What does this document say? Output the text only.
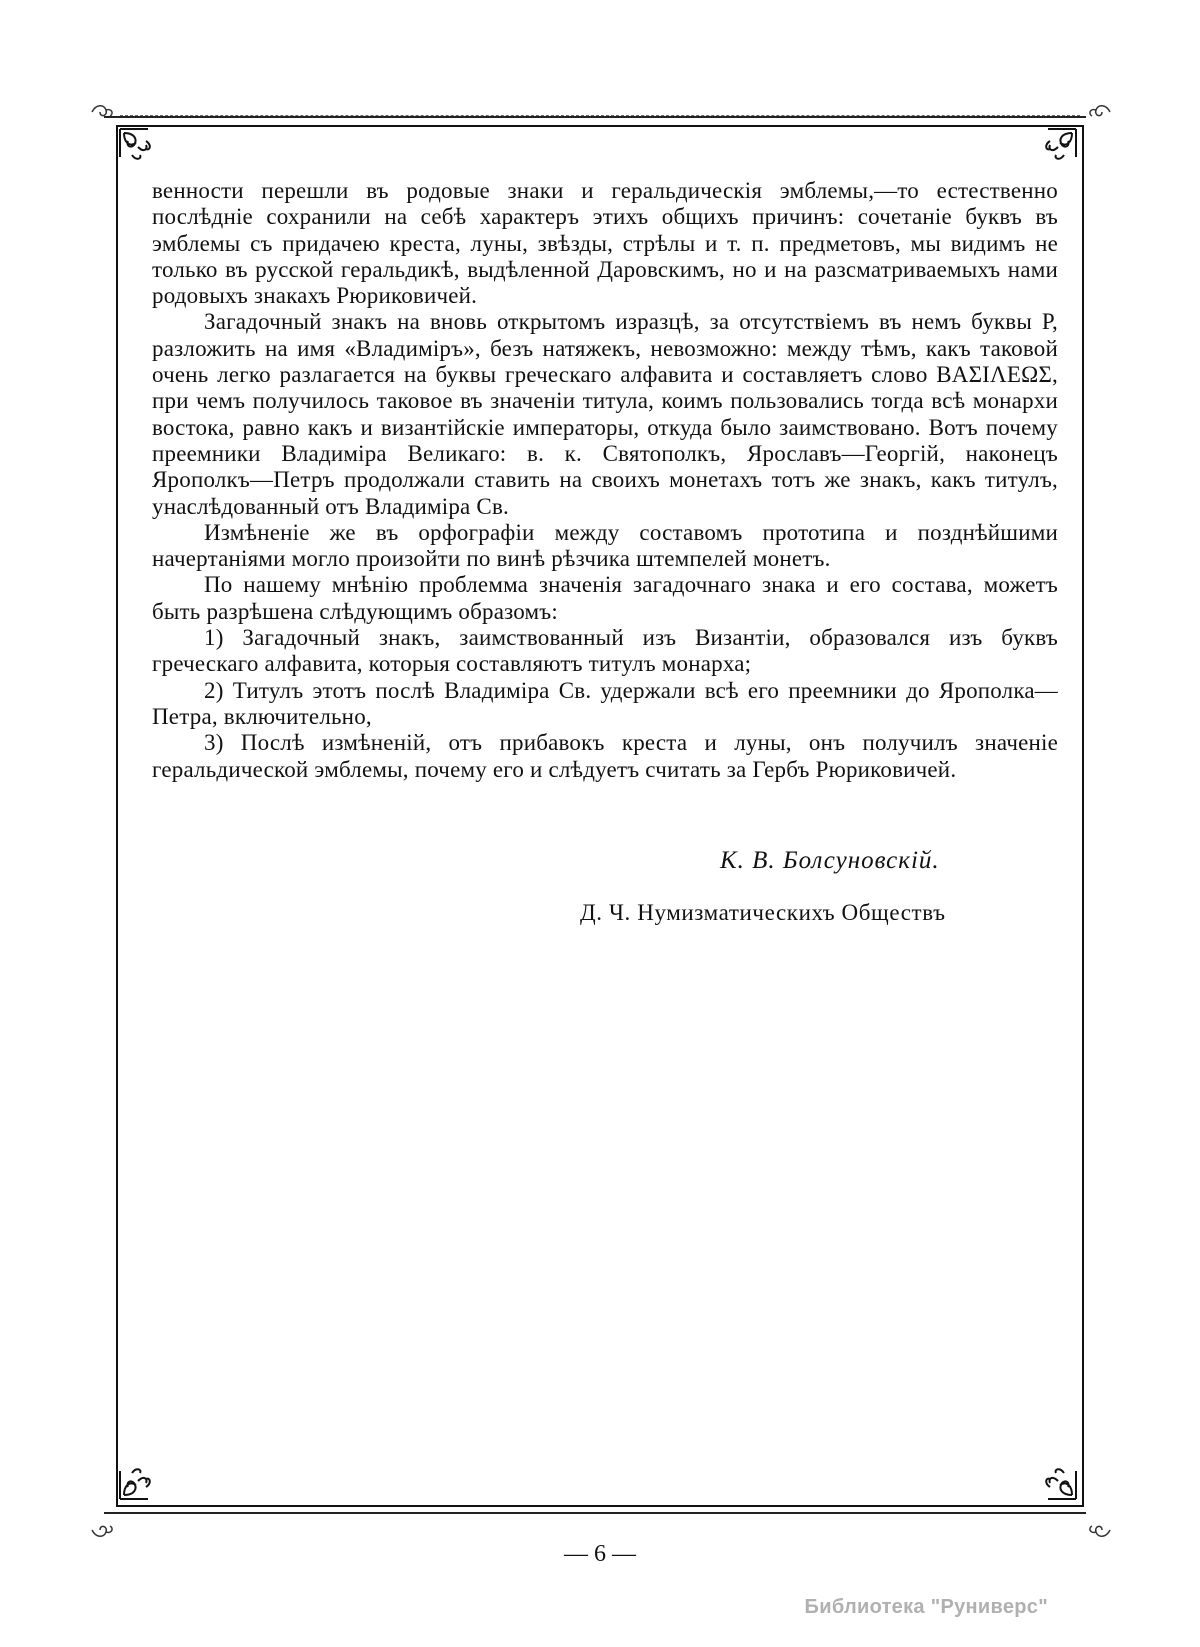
венности перешли въ родовые знаки и геральдическія эмблемы,—то естественно послѣдніе сохранили на себѣ характеръ этихъ общихъ причинъ: сочетаніе буквъ въ эмблемы съ придачею креста, луны, звѣзды, стрѣлы и т. п. предметовъ, мы видимъ не только въ русской геральдикѣ, выдѣленной Даровскимъ, но и на разсматриваемыхъ нами родовыхъ знакахъ Рюриковичей.

Загадочный знакъ на вновь открытомъ изразцѣ, за отсутствіемъ въ немъ буквы Р, разложить на имя «Владиміръ», безъ натяжекъ, невозможно: между тѣмъ, какъ таковой очень легко разлагается на буквы греческаго алфавита и составляетъ слово ΒΑΣΙΛΕΩΣ, при чемъ получилось таковое въ значеніи титула, коимъ пользовались тогда всѣ монархи востока, равно какъ и византійскіе императоры, откуда было заимствовано. Вотъ почему преемники Владиміра Великаго: в. к. Святополкъ, Ярославъ—Георгій, наконецъ Ярополкъ—Петръ продолжали ставить на своихъ монетахъ тотъ же знакъ, какъ титулъ, унаслѣдованный отъ Владиміра Св.

Измѣненіе же въ орфографіи между составомъ прототипа и позднѣйшими начертаніями могло произойти по винѣ рѣзчика штемпелей монетъ.

По нашему мнѣнію проблемма значенія загадочнаго знака и его состава, можетъ быть разрѣшена слѣдующимъ образомъ:

1) Загадочный знакъ, заимствованный изъ Византіи, образовался изъ буквъ греческаго алфавита, которыя составляютъ титулъ монарха;

2) Титулъ этотъ послѣ Владиміра Св. удержали всѣ его преемники до Ярополка—Петра, включительно,

3) Послѣ измѣненій, отъ прибавокъ креста и луны, онъ получилъ значеніе геральдической эмблемы, почему его и слѣдуетъ считать за Гербъ Рюриковичей.

К. В. Болсуновскій.
Д. Ч. Нумизматическихъ Обществъ
— 6 —
Библиотека "Руниверс"
